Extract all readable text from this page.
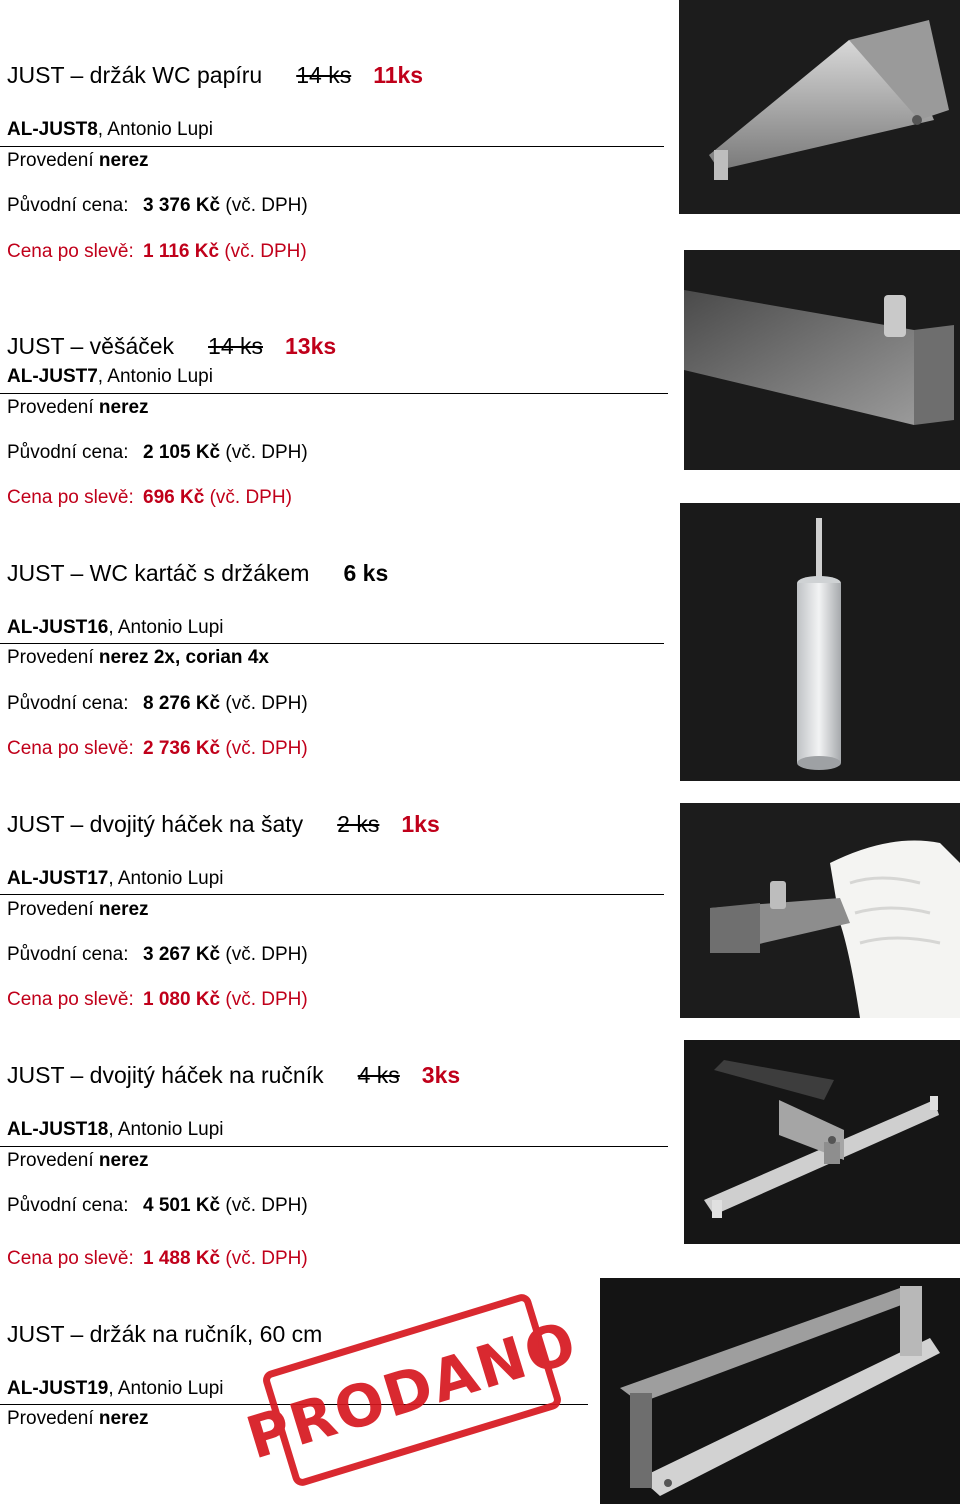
JUST – držák WC papíru 14 ks 11ks
AL-JUST8, Antonio Lupi
Provedení nerez
Původní cena: 3 376 Kč (vč. DPH)
Cena po slevě: 1 116 Kč (vč. DPH)
JUST – věšáček 14 ks 13ks
AL-JUST7, Antonio Lupi
Provedení nerez
Původní cena: 2 105 Kč (vč. DPH)
Cena po slevě: 696 Kč (vč. DPH)
JUST – WC kartáč s držákem 6 ks
AL-JUST16, Antonio Lupi
Provedení nerez 2x, corian 4x
Původní cena: 8 276 Kč (vč. DPH)
Cena po slevě: 2 736 Kč (vč. DPH)
JUST – dvojitý háček na šaty 2 ks 1ks
AL-JUST17, Antonio Lupi
Provedení nerez
Původní cena: 3 267 Kč (vč. DPH)
Cena po slevě: 1 080 Kč (vč. DPH)
JUST – dvojitý háček na ručník 4 ks 3ks
AL-JUST18, Antonio Lupi
Provedení nerez
Původní cena: 4 501 Kč (vč. DPH)
Cena po slevě: 1 488 Kč (vč. DPH)
JUST – držák na ručník, 60 cm
AL-JUST19, Antonio Lupi
Provedení nerez PRODANO
